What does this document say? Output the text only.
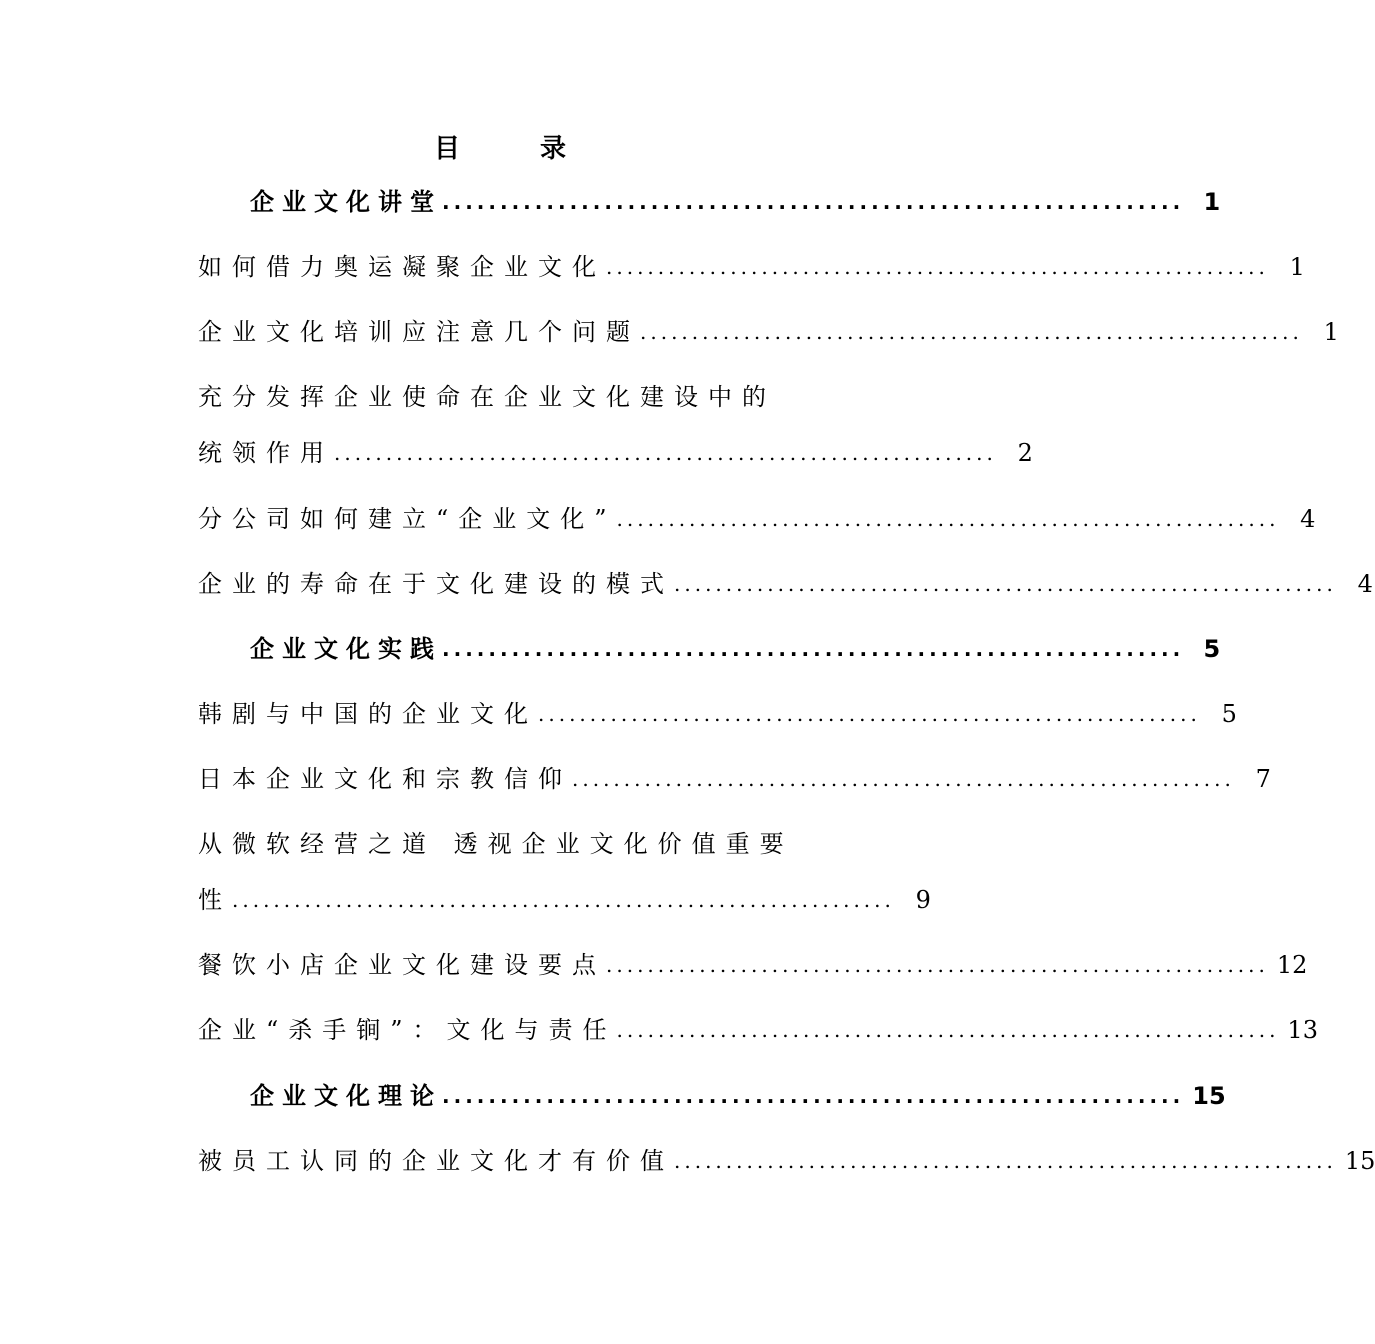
目	录
企业文化讲堂 ................................................................ 1
如何借力奥运凝聚企业文化 ................................................................ 1
企业文化培训应注意几个问题 ................................................................ 1
充分发挥企业使命在企业文化建设中的
统领作用 ................................................................ 2
分公司如何建立“企业文化” ................................................................ 4
企业的寿命在于文化建设的模式 ................................................................ 4
企业文化实践 ................................................................ 5
韩剧与中国的企业文化 ................................................................ 5
日本企业文化和宗教信仰 ................................................................ 7
从微软经营之道 透视企业文化价值重要
性 ................................................................ 9
餐饮小店企业文化建设要点 ................................................................ 12
企业“杀手锏”：文化与责任 ................................................................ 13
企业文化理论 ................................................................ 15
被员工认同的企业文化才有价值 ................................................................ 15
